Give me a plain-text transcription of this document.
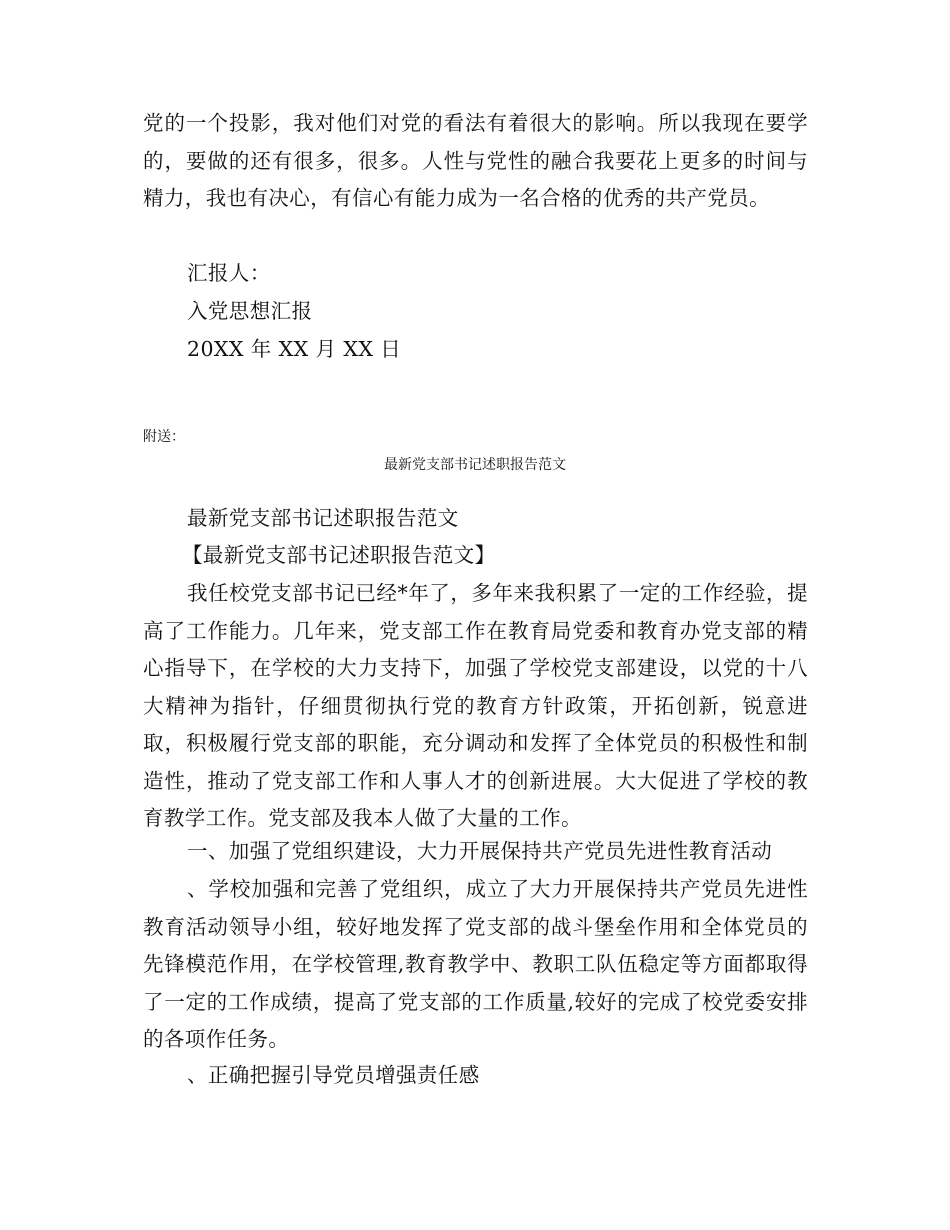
党的一个投影，我对他们对党的看法有着很大的影响。所以我现在要学的，要做的还有很多，很多。人性与党性的融合我要花上更多的时间与精力，我也有决心，有信心有能力成为一名合格的优秀的共产党员。

汇报人：

入党思想汇报

20XX 年 XX 月 XX 日

附送：

最新党支部书记述职报告范文

最新党支部书记述职报告范文

【最新党支部书记述职报告范文】

我任校党支部书记已经*年了，多年来我积累了一定的工作经验，提高了工作能力。几年来，党支部工作在教育局党委和教育办党支部的精心指导下，在学校的大力支持下，加强了学校党支部建设，以党的十八大精神为指针，仔细贯彻执行党的教育方针政策，开拓创新，锐意进取，积极履行党支部的职能，充分调动和发挥了全体党员的积极性和制造性，推动了党支部工作和人事人才的创新进展。大大促进了学校的教育教学工作。党支部及我本人做了大量的工作。

一、加强了党组织建设，大力开展保持共产党员先进性教育活动

、学校加强和完善了党组织，成立了大力开展保持共产党员先进性教育活动领导小组，较好地发挥了党支部的战斗堡垒作用和全体党员的先锋模范作用，在学校管理,教育教学中、教职工队伍稳定等方面都取得了一定的工作成绩，提高了党支部的工作质量,较好的完成了校党委安排的各项作任务。

、正确把握引导党员增强责任感
